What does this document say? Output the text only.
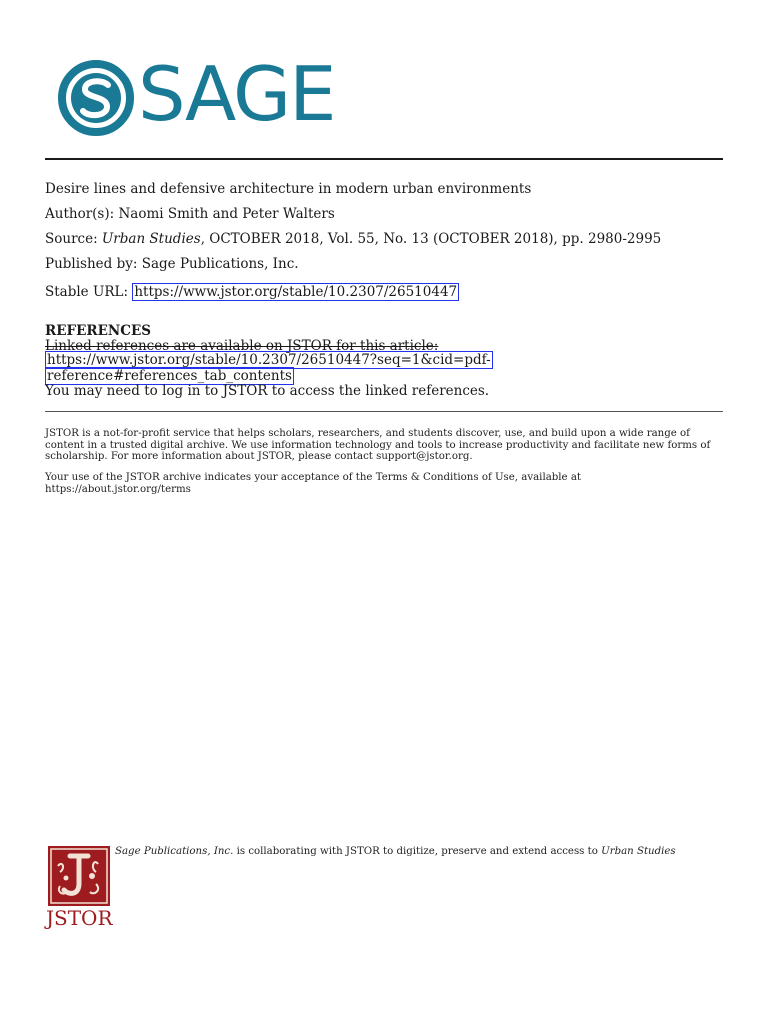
SAGE
Desire lines and defensive architecture in modern urban environments
Author(s): Naomi Smith and Peter Walters
Source: Urban Studies, OCTOBER 2018, Vol. 55, No. 13 (OCTOBER 2018), pp. 2980-2995
Published by: Sage Publications, Inc.
Stable URL: https://www.jstor.org/stable/10.2307/26510447
REFERENCES
Linked references are available on JSTOR for this article:
https://www.jstor.org/stable/10.2307/26510447?seq=1&cid=pdf-
reference#references_tab_contents
You may need to log in to JSTOR to access the linked references.

JSTOR is a not-for-profit service that helps scholars, researchers, and students discover, use, and build upon a wide range of content in a trusted digital archive. We use information technology and tools to increase productivity and facilitate new forms of scholarship. For more information about JSTOR, please contact support@jstor.org.

Your use of the JSTOR archive indicates your acceptance of the Terms & Conditions of Use, available at https://about.jstor.org/terms

JSTOR
Sage Publications, Inc. is collaborating with JSTOR to digitize, preserve and extend access to Urban Studies
